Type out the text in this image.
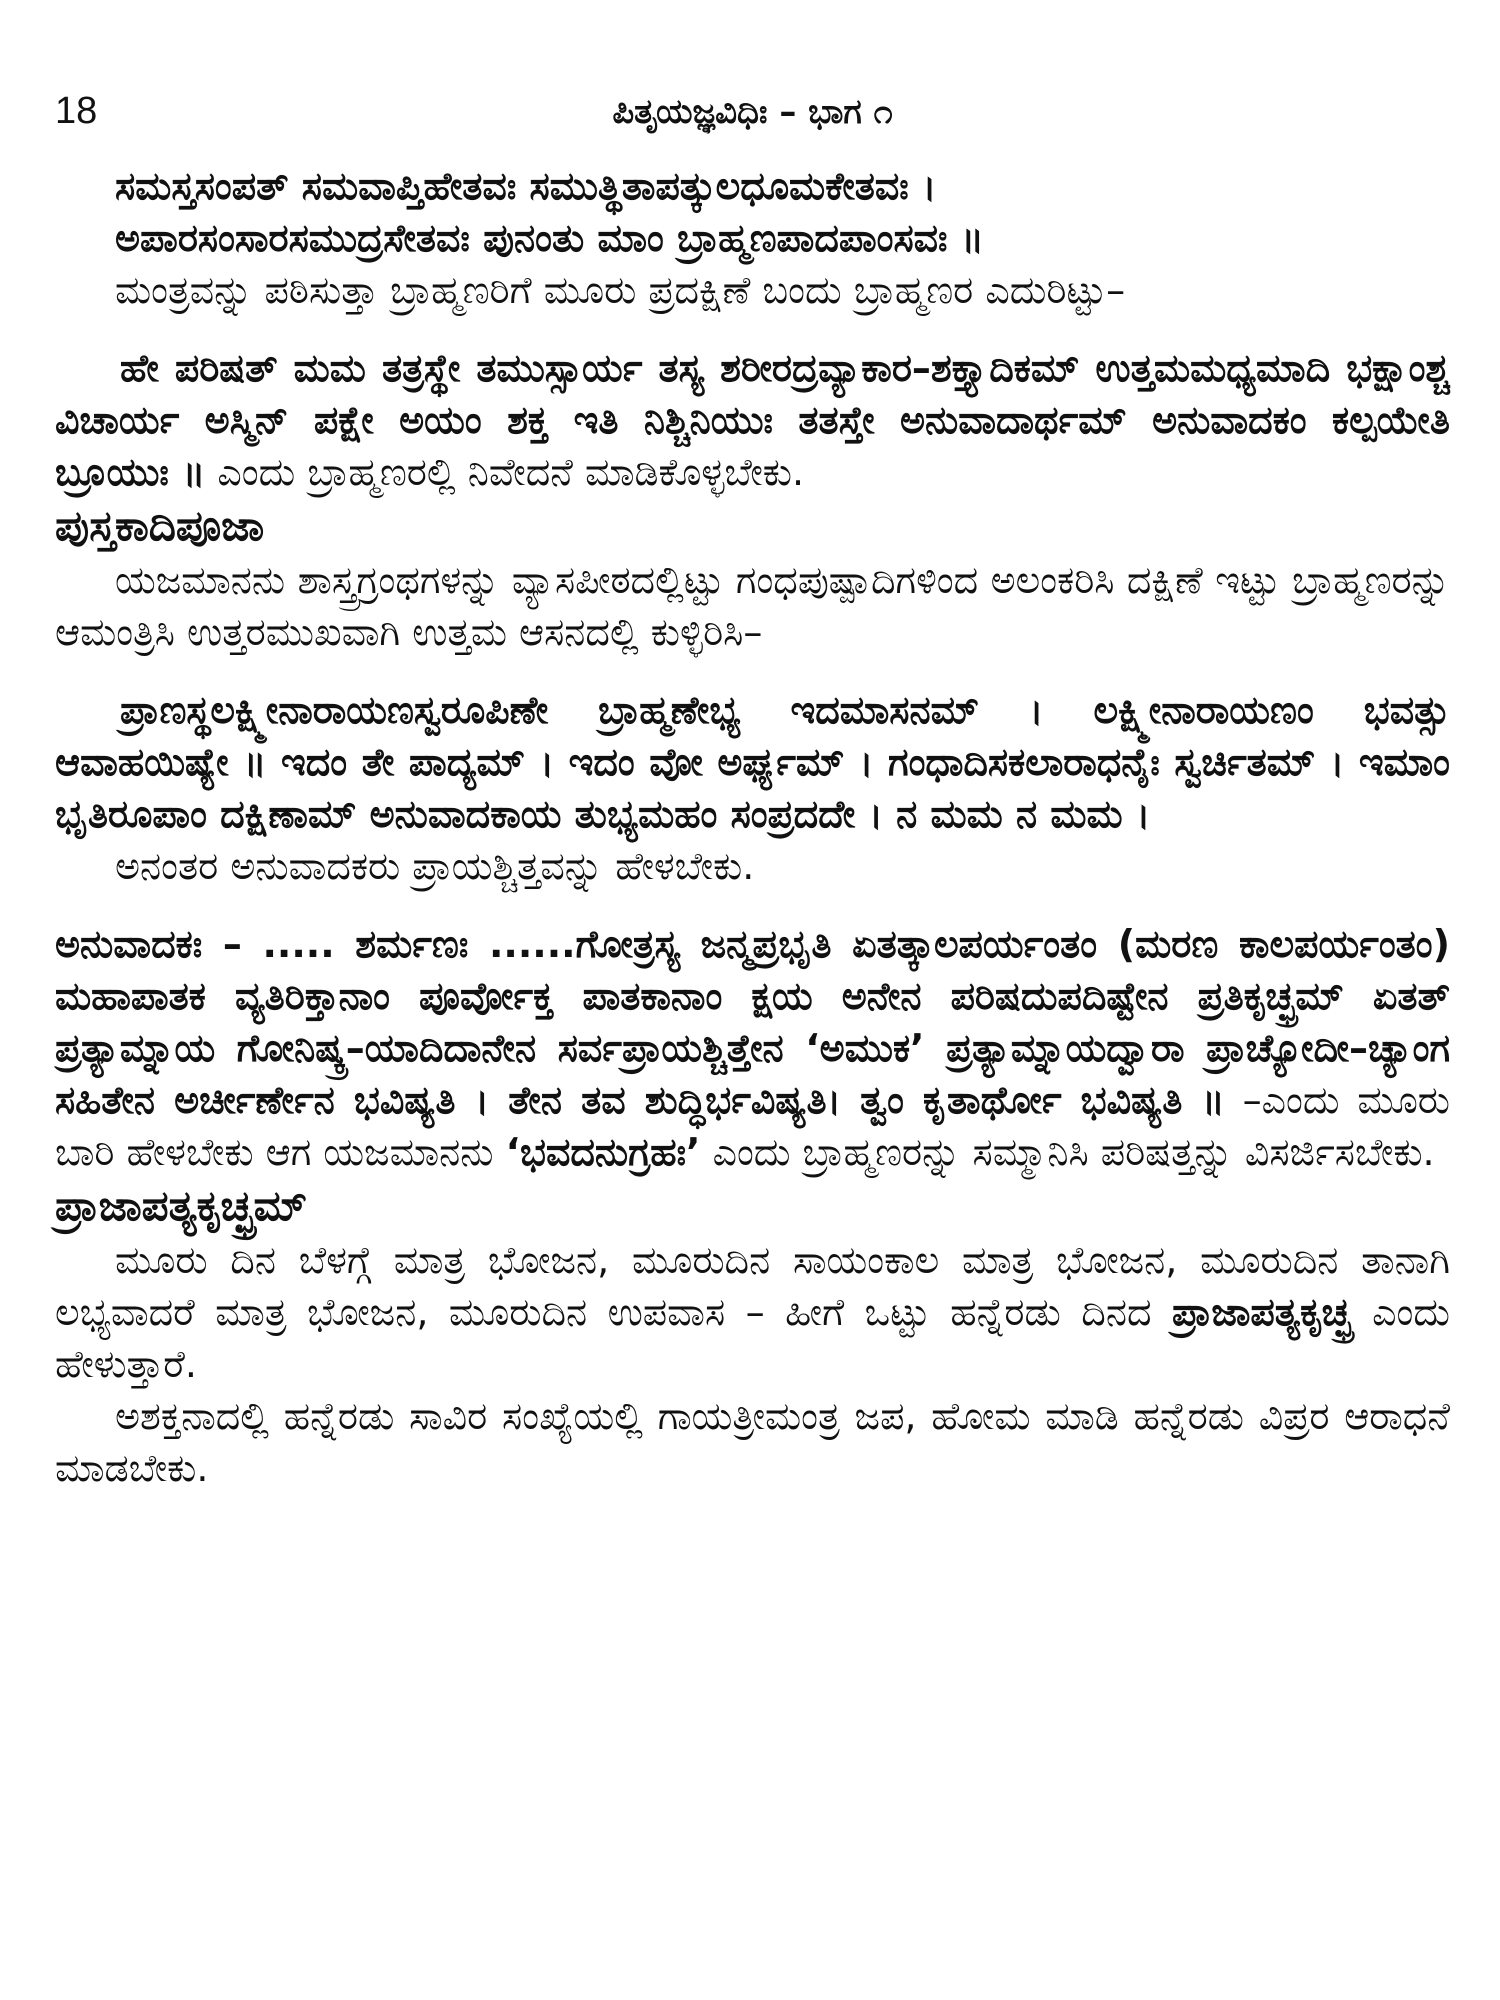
18	ಪಿತೃಯಜ್ಞವಿಧಿಃ – ಭಾಗ ೧

ಸಮಸ್ತಸಂಪತ್ ಸಮವಾಪ್ತಿಹೇತವಃ ಸಮುತ್ಥಿತಾಪತ್ಕುಲಧೂಮಕೇತವಃ ।

ಅಪಾರಸಂಸಾರಸಮುದ್ರಸೇತವಃ ಪುನಂತು ಮಾಂ ಬ್ರಾಹ್ಮಣಪಾದಪಾಂಸವಃ ॥

ಮಂತ್ರವನ್ನು ಪಠಿಸುತ್ತಾ ಬ್ರಾಹ್ಮಣರಿಗೆ ಮೂರು ಪ್ರದಕ್ಷಿಣೆ ಬಂದು ಬ್ರಾಹ್ಮಣರ ಎದುರಿಟ್ಟು–

ಹೇ ಪರಿಷತ್ ಮಮ ತತ್ರಸ್ಥೇ ತಮುಸ್ಸಾರ್ಯ ತಸ್ಯ ಶರೀರದ್ರವ್ಯಾಕಾರ–ಶಕ್ತ್ಯಾದಿಕಮ್ ಉತ್ತಮಮಧ್ಯಮಾದಿ ಭಕ್ಷಾಂಶ್ಚ ವಿಚಾರ್ಯ ಅಸ್ಮಿನ್ ಪಕ್ಷೇ ಅಯಂ ಶಕ್ತ ಇತಿ ನಿಶ್ಚಿನಿಯುಃ ತತಸ್ತೇ ಅನುವಾದಾರ್ಥಮ್ ಅನುವಾದಕಂ ಕಲ್ಪಯೇತಿ ಬ್ರೂಯುಃ ॥ ಎಂದು ಬ್ರಾಹ್ಮಣರಲ್ಲಿ ನಿವೇದನೆ ಮಾಡಿಕೊಳ್ಳಬೇಕು.

ಪುಸ್ತಕಾದಿಪೂಜಾ

ಯಜಮಾನನು ಶಾಸ್ತ್ರಗ್ರಂಥಗಳನ್ನು ವ್ಯಾಸಪೀಠದಲ್ಲಿಟ್ಟು ಗಂಧಪುಷ್ಪಾದಿಗಳಿಂದ ಅಲಂಕರಿಸಿ ದಕ್ಷಿಣೆ ಇಟ್ಟು ಬ್ರಾಹ್ಮಣರನ್ನು ಆಮಂತ್ರಿಸಿ ಉತ್ತರಮುಖವಾಗಿ ಉತ್ತಮ ಆಸನದಲ್ಲಿ ಕುಳ್ಳಿರಿಸಿ–

ಪ್ರಾಣಸ್ಥಲಕ್ಷ್ಮೀನಾರಾಯಣಸ್ವರೂಪಿಣೇ ಬ್ರಾಹ್ಮಣೇಭ್ಯ ಇದಮಾಸನಮ್ । ಲಕ್ಷ್ಮೀನಾರಾಯಣಂ ಭವತ್ಸು ಆವಾಹಯಿಷ್ಯೇ ॥ ಇದಂ ತೇ ಪಾದ್ಯಮ್ । ಇದಂ ವೋ ಅರ್ಘ್ಯಮ್ । ಗಂಧಾದಿಸಕಲಾರಾಧನೈಃ ಸ್ವರ್ಚಿತಮ್ । ಇಮಾಂ ಭೃತಿರೂಪಾಂ ದಕ್ಷಿಣಾಮ್ ಅನುವಾದಕಾಯ ತುಭ್ಯಮಹಂ ಸಂಪ್ರದದೇ । ನ ಮಮ ನ ಮಮ ।

ಅನಂತರ ಅನುವಾದಕರು ಪ್ರಾಯಶ್ಚಿತ್ತವನ್ನು ಹೇಳಬೇಕು.

ಅನುವಾದಕಃ – ..... ಶರ್ಮಣಃ ......ಗೋತ್ರಸ್ಯ ಜನ್ಮಪ್ರಭೃತಿ ಏತತ್ಕಾಲಪರ್ಯಂತಂ (ಮರಣ ಕಾಲಪರ್ಯಂತಂ) ಮಹಾಪಾತಕ ವ್ಯತಿರಿಕ್ತಾನಾಂ ಪೂರ್ವೋಕ್ತ ಪಾತಕಾನಾಂ ಕ್ಷಯ ಅನೇನ ಪರಿಷದುಪದಿಷ್ಟೇನ ಪ್ರತಿಕೃಚ್ಛ್ರಮ್ ಏತತ್ ಪ್ರತ್ಯಾಮ್ನಾಯ ಗೋನಿಷ್ಕ್ರ–ಯಾದಿದಾನೇನ ಸರ್ವಪ್ರಾಯಶ್ಚಿತ್ತೇನ ‘ಅಮುಕ’ ಪ್ರತ್ಯಾಮ್ನಾಯದ್ವಾರಾ ಪ್ರಾಚ್ಯೋದೀ–ಚ್ಯಾಂಗ ಸಹಿತೇನ ಅರ್ಚೀರ್ಣೇನ ಭವಿಷ್ಯತಿ । ತೇನ ತವ ಶುದ್ಧಿರ್ಭವಿಷ್ಯತಿ। ತ್ವಂ ಕೃತಾರ್ಥೋ ಭವಿಷ್ಯತಿ ॥ –ಎಂದು ಮೂರು ಬಾರಿ ಹೇಳಬೇಕು ಆಗ ಯಜಮಾನನು ‘ಭವದನುಗ್ರಹಃ’ ಎಂದು ಬ್ರಾಹ್ಮಣರನ್ನು ಸಮ್ಮಾನಿಸಿ ಪರಿಷತ್ತನ್ನು ವಿಸರ್ಜಿಸಬೇಕು.

ಪ್ರಾಜಾಪತ್ಯಕೃಚ್ಛ್ರಮ್

ಮೂರು ದಿನ ಬೆಳಗ್ಗೆ ಮಾತ್ರ ಭೋಜನ, ಮೂರುದಿನ ಸಾಯಂಕಾಲ ಮಾತ್ರ ಭೋಜನ, ಮೂರುದಿನ ತಾನಾಗಿ ಲಭ್ಯವಾದರೆ ಮಾತ್ರ ಭೋಜನ, ಮೂರುದಿನ ಉಪವಾಸ – ಹೀಗೆ ಒಟ್ಟು ಹನ್ನೆರಡು ದಿನದ ಪ್ರಾಜಾಪತ್ಯಕೃಚ್ಛ್ರ ಎಂದು ಹೇಳುತ್ತಾರೆ.

ಅಶಕ್ತನಾದಲ್ಲಿ ಹನ್ನೆರಡು ಸಾವಿರ ಸಂಖ್ಯೆಯಲ್ಲಿ ಗಾಯತ್ರೀಮಂತ್ರ ಜಪ, ಹೋಮ ಮಾಡಿ ಹನ್ನೆರಡು ವಿಪ್ರರ ಆರಾಧನೆ ಮಾಡಬೇಕು.
